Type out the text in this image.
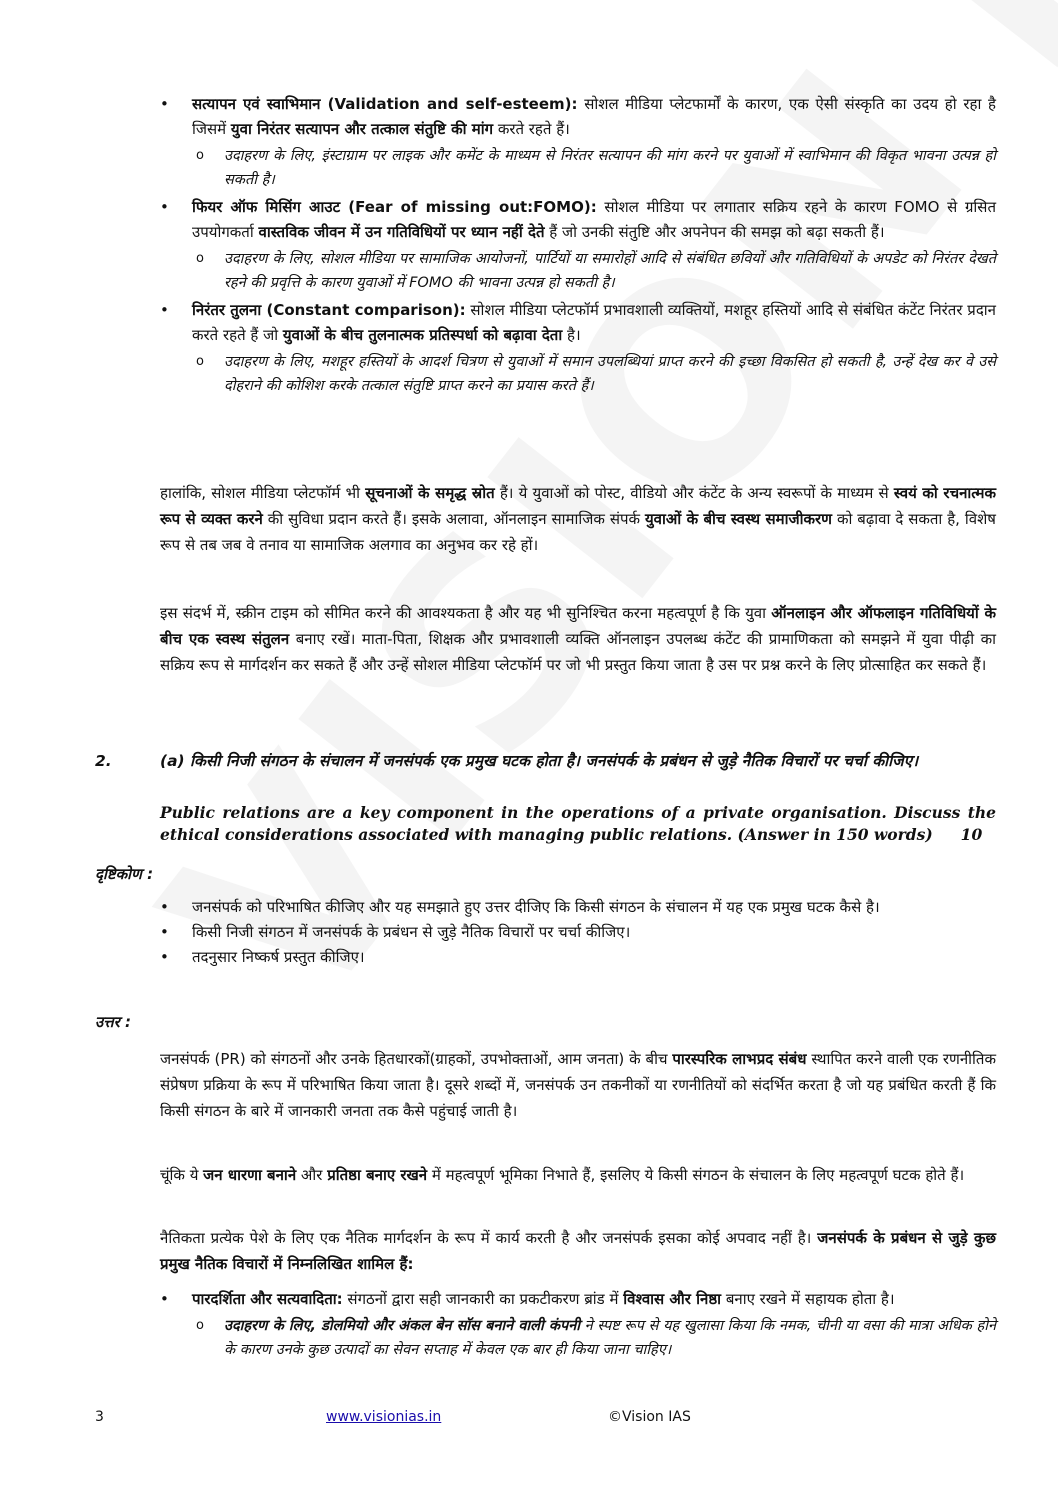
• सत्यापन एवं स्वाभिमान (Validation and self-esteem): सोशल मीडिया प्लेटफार्मों के कारण, एक ऐसी संस्कृति का उदय हो रहा है जिसमें युवा निरंतर सत्यापन और तत्काल संतुष्टि की मांग करते रहते हैं।
o उदाहरण के लिए, इंस्टाग्राम पर लाइक और कमेंट के माध्यम से निरंतर सत्यापन की मांग करने पर युवाओं में स्वाभिमान की विकृत भावना उत्पन्न हो सकती है।
• फियर ऑफ मिसिंग आउट (Fear of missing out:FOMO): सोशल मीडिया पर लगातार सक्रिय रहने के कारण FOMO से ग्रसित उपयोगकर्ता वास्तविक जीवन में उन गतिविधियों पर ध्यान नहीं देते हैं जो उनकी संतुष्टि और अपनेपन की समझ को बढ़ा सकती हैं।
o उदाहरण के लिए, सोशल मीडिया पर सामाजिक आयोजनों, पार्टियों या समारोहों आदि से संबंधित छवियों और गतिविधियों के अपडेट को निरंतर देखते रहने की प्रवृत्ति के कारण युवाओं में FOMO की भावना उत्पन्न हो सकती है।
• निरंतर तुलना (Constant comparison): सोशल मीडिया प्लेटफॉर्म प्रभावशाली व्यक्तियों, मशहूर हस्तियों आदि से संबंधित कंटेंट निरंतर प्रदान करते रहते हैं जो युवाओं के बीच तुलनात्मक प्रतिस्पर्धा को बढ़ावा देता है।
o उदाहरण के लिए, मशहूर हस्तियों के आदर्श चित्रण से युवाओं में समान उपलब्धियां प्राप्त करने की इच्छा विकसित हो सकती है, उन्हें देख कर वे उसे दोहराने की कोशिश करके तत्काल संतुष्टि प्राप्त करने का प्रयास करते हैं।

हालांकि, सोशल मीडिया प्लेटफॉर्म भी सूचनाओं के समृद्ध स्रोत हैं। ये युवाओं को पोस्ट, वीडियो और कंटेंट के अन्य स्वरूपों के माध्यम से स्वयं को रचनात्मक रूप से व्यक्त करने की सुविधा प्रदान करते हैं। इसके अलावा, ऑनलाइन सामाजिक संपर्क युवाओं के बीच स्वस्थ समाजीकरण को बढ़ावा दे सकता है, विशेष रूप से तब जब वे तनाव या सामाजिक अलगाव का अनुभव कर रहे हों।

इस संदर्भ में, स्क्रीन टाइम को सीमित करने की आवश्यकता है और यह भी सुनिश्चित करना महत्वपूर्ण है कि युवा ऑनलाइन और ऑफलाइन गतिविधियों के बीच एक स्वस्थ संतुलन बनाए रखें। माता-पिता, शिक्षक और प्रभावशाली व्यक्ति ऑनलाइन उपलब्ध कंटेंट की प्रामाणिकता को समझने में युवा पीढ़ी का सक्रिय रूप से मार्गदर्शन कर सकते हैं और उन्हें सोशल मीडिया प्लेटफॉर्म पर जो भी प्रस्तुत किया जाता है उस पर प्रश्न करने के लिए प्रोत्साहित कर सकते हैं।

2.	(a) किसी निजी संगठन के संचालन में जनसंपर्क एक प्रमुख घटक होता है। जनसंपर्क के प्रबंधन से जुड़े नैतिक विचारों पर चर्चा कीजिए।
Public relations are a key component in the operations of a private organisation. Discuss the ethical considerations associated with managing public relations. (Answer in 150 words) 10
दृष्टिकोण :
• जनसंपर्क को परिभाषित कीजिए और यह समझाते हुए उत्तर दीजिए कि किसी संगठन के संचालन में यह एक प्रमुख घटक कैसे है।
• किसी निजी संगठन में जनसंपर्क के प्रबंधन से जुड़े नैतिक विचारों पर चर्चा कीजिए।
• तदनुसार निष्कर्ष प्रस्तुत कीजिए।
उत्तर :

जनसंपर्क (PR) को संगठनों और उनके हितधारकों(ग्राहकों, उपभोक्ताओं, आम जनता) के बीच पारस्परिक लाभप्रद संबंध स्थापित करने वाली एक रणनीतिक संप्रेषण प्रक्रिया के रूप में परिभाषित किया जाता है। दूसरे शब्दों में, जनसंपर्क उन तकनीकों या रणनीतियों को संदर्भित करता है जो यह प्रबंधित करती हैं कि किसी संगठन के बारे में जानकारी जनता तक कैसे पहुंचाई जाती है।

चूंकि ये जन धारणा बनाने और प्रतिष्ठा बनाए रखने में महत्वपूर्ण भूमिका निभाते हैं, इसलिए ये किसी संगठन के संचालन के लिए महत्वपूर्ण घटक होते हैं।

नैतिकता प्रत्येक पेशे के लिए एक नैतिक मार्गदर्शन के रूप में कार्य करती है और जनसंपर्क इसका कोई अपवाद नहीं है। जनसंपर्क के प्रबंधन से जुड़े कुछ प्रमुख नैतिक विचारों में निम्नलिखित शामिल हैं:

• पारदर्शिता और सत्यवादिता: संगठनों द्वारा सही जानकारी का प्रकटीकरण ब्रांड में विश्वास और निष्ठा बनाए रखने में सहायक होता है।
o उदाहरण के लिए, डोलमियो और अंकल बेन सॉस बनाने वाली कंपनी ने स्पष्ट रूप से यह खुलासा किया कि नमक, चीनी या वसा की मात्रा अधिक होने के कारण उनके कुछ उत्पादों का सेवन सप्ताह में केवल एक बार ही किया जाना चाहिए।
3	www.visionias.in	©Vision IAS
